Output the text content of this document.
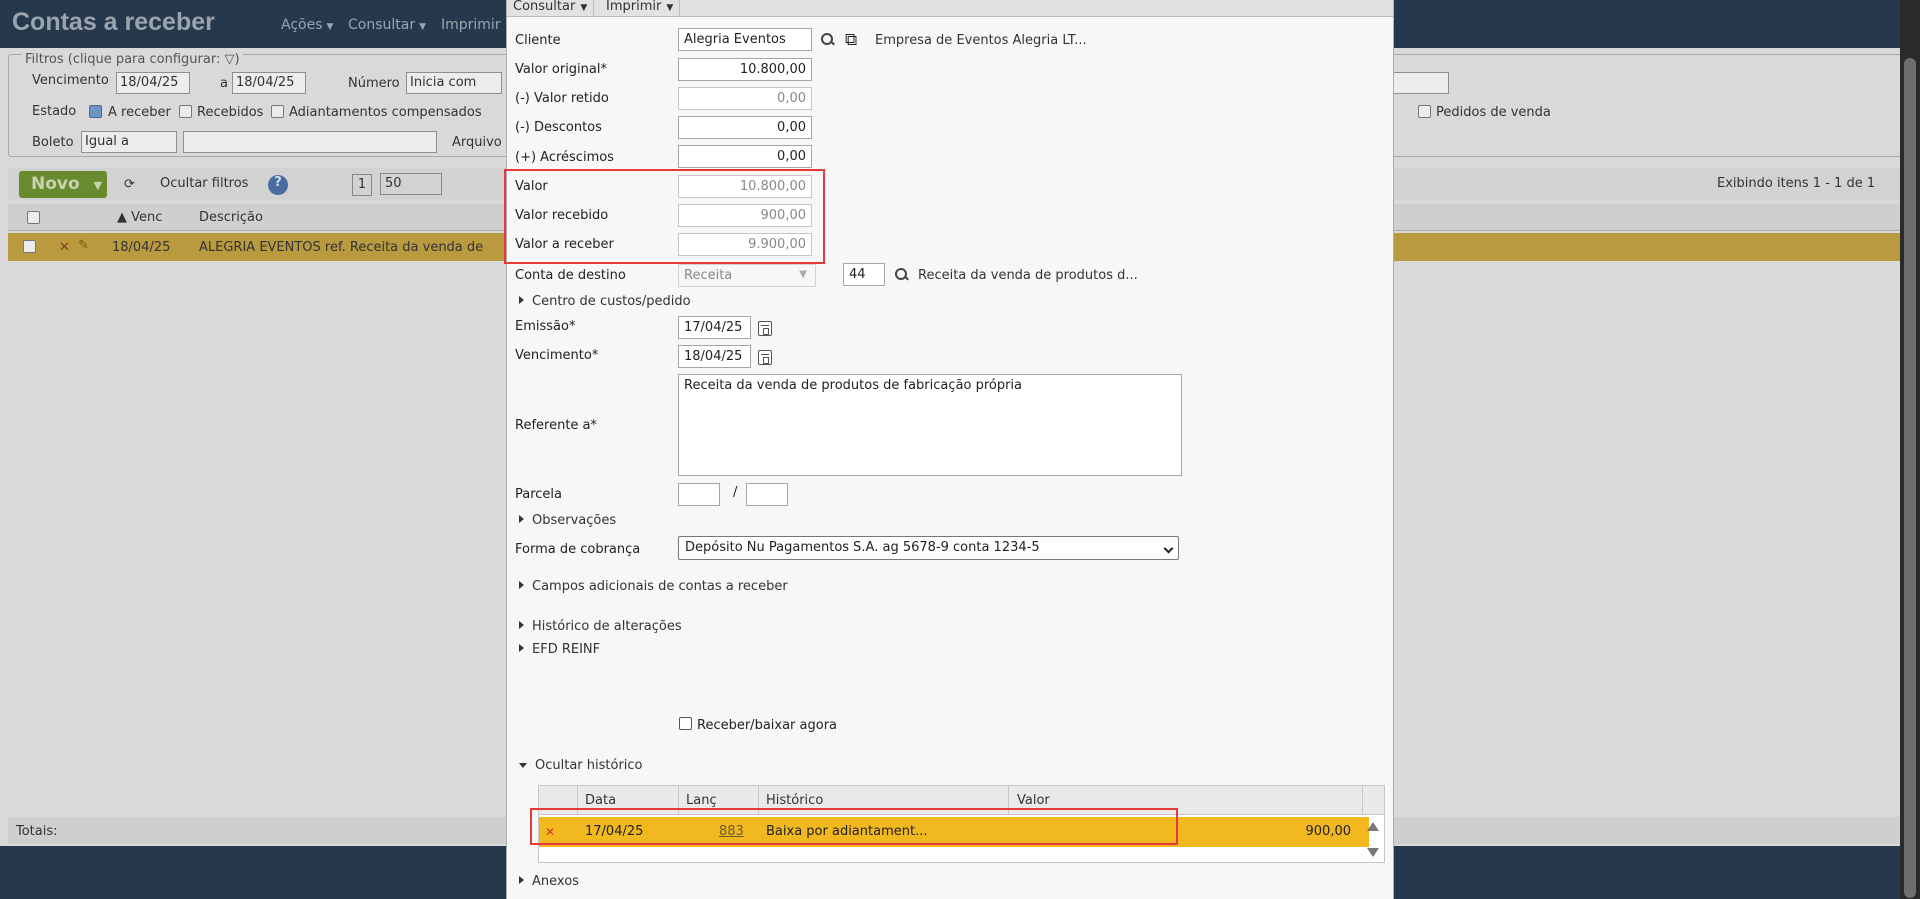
Contas a receber	Ações ▼ Consultar ▼ Imprimir
Filtros (clique para configurar: ▽)
Vencimento 18/04/25	a 18/04/25	Número Inicia com
Estado A receber Recebidos Adiantamentos compensados	Pedidos de venda
Boleto Igual a	Arquivo
Novo ▼	⟳ Ocultar filtros	?	1	50	Exibindo itens 1 - 1 de 1
▲ Venc	Descrição
✕ ✎ 18/04/25 ALEGRIA EVENTOS ref. Receita da venda de
Totais:
Consultar ▼	Imprimir ▼
Cliente	Alegria Eventos	⧉ Empresa de Eventos Alegria LT...
Valor original*	10.800,00
(-) Valor retido	0,00
(-) Descontos	0,00
(+) Acréscimos	0,00
Valor	10.800,00
Valor recebido	900,00
Valor a receber	9.900,00
Conta de destino	Receita	▼	44	Receita da venda de produtos d...
Centro de custos/pedido
Emissão*	17/04/25
Vencimento*	18/04/25
Referente a*
Receita da venda de produtos de fabricação própria
Parcela	/
Observações
Forma de cobrança	Depósito Nu Pagamentos S.A. ag 5678-9 conta 1234-5
Campos adicionais de contas a receber
Histórico de alterações
EFD REINF
Receber/baixar agora
Ocultar histórico
Data	Lanç	Histórico	Valor
✕ 17/04/25	883 Baixa por adiantament...	900,00
Anexos
